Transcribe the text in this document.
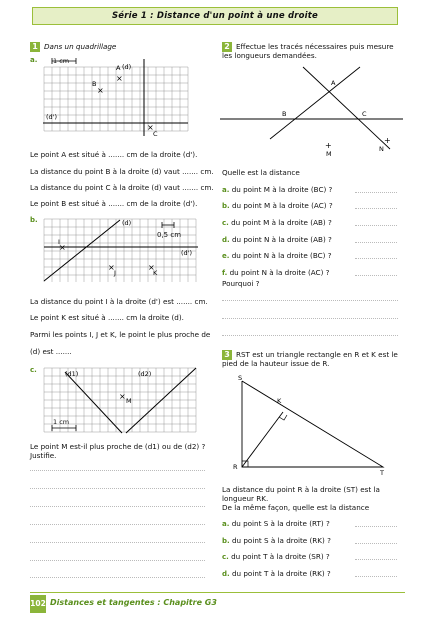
Série 1 : Distance d'un point à une droite
1 Dans un quadrillage
a.
(d)
(d')
A
×
B
×
×
C
1 cm
Le point A est situé à ....... cm de la droite (d').
La distance du point B à la droite (d) vaut ....... cm.
La distance du point C à la droite (d) vaut ....... cm.
Le point B est situé à ....... cm de la droite (d').
b.	(d)
(d')
I
×
×
J
×
K
0,5 cm
La distance du point I à la droite (d') est ....... cm.
Le point K est situé à ....... cm la droite (d).
Parmi les points I, J et K, le point le plus proche de
(d) est .......
c.	(d1)	(d2)
× M
1 cm
Le point M est-il plus proche de (d1) ou de (d2) ?
Justifie.
2 Effectue les tracés nécessaires puis mesure
les longueurs demandées.
A
B	C
+
M
+
N
Quelle est la distance
a. du point M à la droite (BC) ?
b. du point M à la droite (AC) ?
c. du point M à la droite (AB) ?
d. du point N à la droite (AB) ?
e. du point N à la droite (BC) ?
f. du point N à la droite (AC) ?
Pourquoi ?
3 RST est un triangle rectangle en R et K est le
pied de la hauteur issue de R.
S
K
R
T
La distance du point R à la droite (ST) est la
longueur RK.
De la même façon, quelle est la distance
a. du point S à la droite (RT) ?
b. du point S à la droite (RK) ?
c. du point T à la droite (SR) ?
d. du point T à la droite (RK) ?
102 Distances et tangentes : Chapitre G3
